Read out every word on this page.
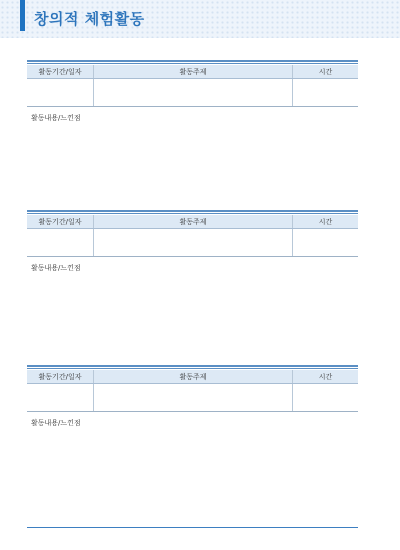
창의적 체험활동
활동기간/일자	활동주제	시간
활동내용/느낀점
활동기간/일자	활동주제	시간
활동내용/느낀점
활동기간/일자	활동주제	시간
활동내용/느낀점
